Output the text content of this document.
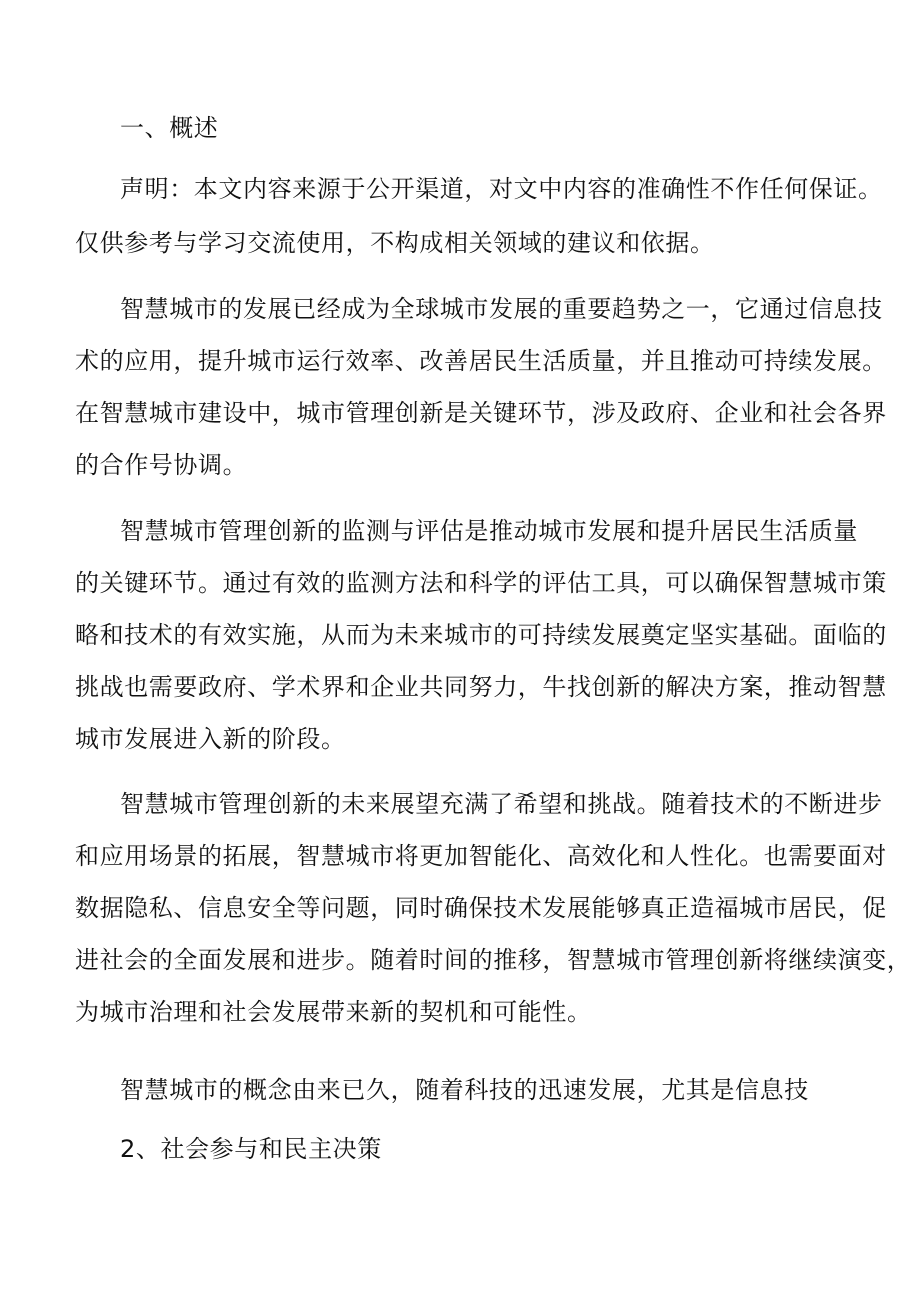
一、概述
声明：本文内容来源于公开渠道，对文中内容的准确性不作任何保证。
仅供参考与学习交流使用，不构成相关领域的建议和依据。
智慧城市的发展已经成为全球城市发展的重要趋势之一，它通过信息技
术的应用，提升城市运行效率、改善居民生活质量，并且推动可持续发展。
在智慧城市建设中，城市管理创新是关键环节，涉及政府、企业和社会各界
的合作号协调。
智慧城市管理创新的监测与评估是推动城市发展和提升居民生活质量
的关键环节。通过有效的监测方法和科学的评估工具，可以确保智慧城市策
略和技术的有效实施，从而为未来城市的可持续发展奠定坚实基础。面临的
挑战也需要政府、学术界和企业共同努力，牛找创新的解决方案，推动智慧
城市发展进入新的阶段。
智慧城市管理创新的未来展望充满了希望和挑战。随着技术的不断进步
和应用场景的拓展，智慧城市将更加智能化、高效化和人性化。也需要面对
数据隐私、信息安全等问题，同时确保技术发展能够真正造福城市居民，促
进社会的全面发展和进步。随着时间的推移，智慧城市管理创新将继续演变，
为城市治理和社会发展带来新的契机和可能性。
智慧城市的概念由来已久，随着科技的迅速发展，尤其是信息技
2、社会参与和民主决策
